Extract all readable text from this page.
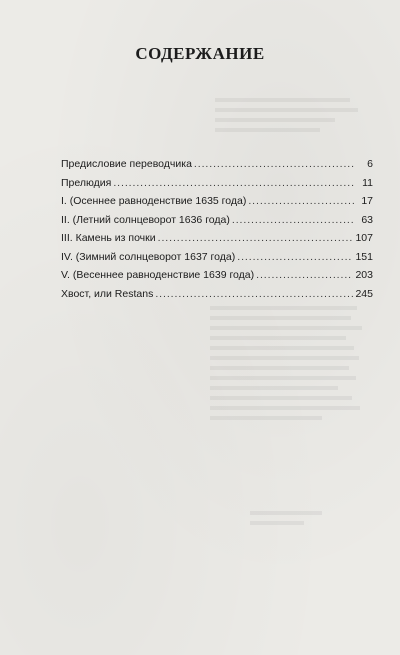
СОДЕРЖАНИЕ
Предисловие переводчика . . .	6
Прелюдия . . .	11
I. (Осеннее равноденствие 1635 года) . . .	17
II. (Летний солнцеворот 1636 года) . . .	63
III. Камень из почки . . .	107
IV. (Зимний солнцеворот 1637 года) . . .	151
V. (Весеннее равноденствие 1639 года) . . .	203
Хвост, или Restans . . .	245
